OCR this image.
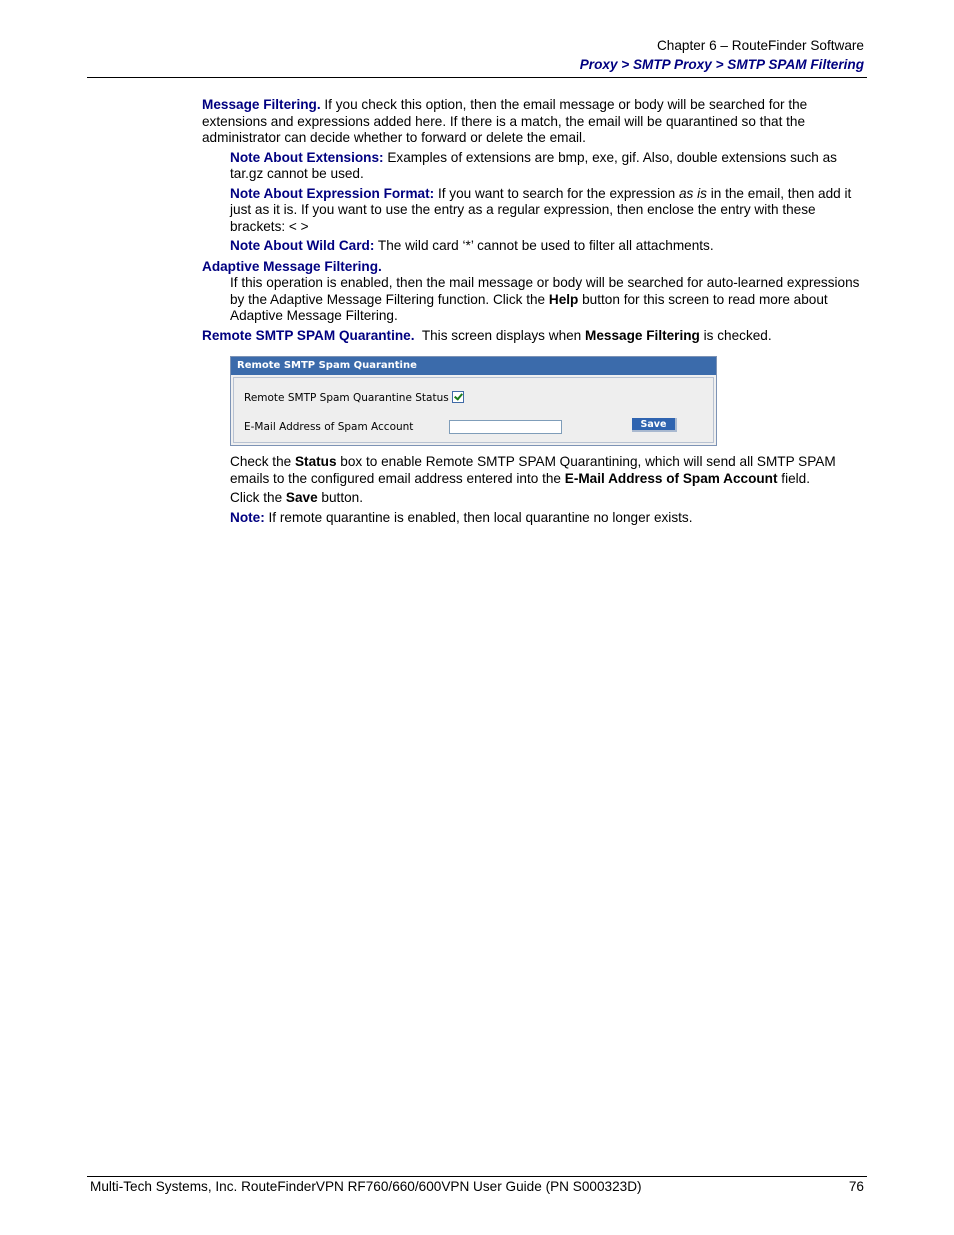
Chapter 6 – RouteFinder Software
Proxy > SMTP Proxy > SMTP SPAM Filtering

Message Filtering. If you check this option, then the email message or body will be searched for the extensions and expressions added here. If there is a match, the email will be quarantined so that the administrator can decide whether to forward or delete the email.

Note About Extensions: Examples of extensions are bmp, exe, gif. Also, double extensions such as tar.gz cannot be used.

Note About Expression Format: If you want to search for the expression as is in the email, then add it just as it is. If you want to use the entry as a regular expression, then enclose the entry with these brackets: < >

Note About Wild Card: The wild card ‘*’ cannot be used to filter all attachments.

Adaptive Message Filtering.

If this operation is enabled, then the mail message or body will be searched for auto-learned expressions by the Adaptive Message Filtering function. Click the Help button for this screen to read more about Adaptive Message Filtering.

Remote SMTP SPAM Quarantine.  This screen displays when Message Filtering is checked.

Remote SMTP Spam Quarantine
Remote SMTP Spam Quarantine Status
E-Mail Address of Spam Account	Save

Check the Status box to enable Remote SMTP SPAM Quarantining, which will send all SMTP SPAM emails to the configured email address entered into the E-Mail Address of Spam Account field.

Click the Save button.

Note: If remote quarantine is enabled, then local quarantine no longer exists.

Multi-Tech Systems, Inc. RouteFinderVPN RF760/660/600VPN User Guide (PN S000323D)	76
